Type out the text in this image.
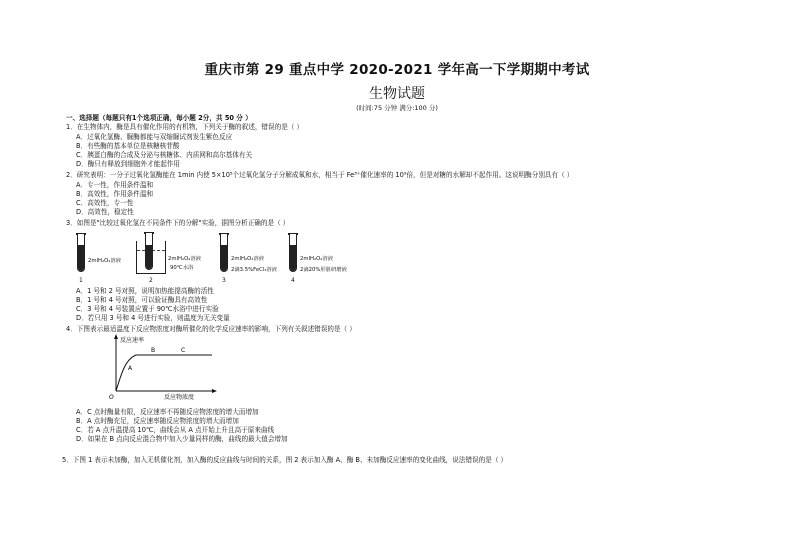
重庆市第 29 重点中学 2020-2021 学年高一下学期期中考试
生物试题
(时间:75 分钟 满分:100 分)
一、选择题（每题只有1个选项正确，每小题 2分，共 50 分 ）
1．在生物体内，酶是具有催化作用的有机物，下列关于酶的叙述，错误的是（ ）
A．过氧化氢酶、脲酶都能与双缩脲试剂发生紫色反应
B．有些酶的基本单位是核糖核苷酸
C．胰蛋白酶的合成及分泌与核糖体、内质网和高尔基体有关
D．酶只有释放到细胞外才能起作用
2．研究表明：一分子过氧化氢酶能在 1min 内使 5×10⁵个过氧化氢分子分解成氧和水，相当于 Fe³⁺催化速率的 10⁹倍，但是对糖的水解却不起作用。这说明酶分别具有（ ）
A．专一性，作用条件温和
B．高效性，作用条件温和
C．高效性，专一性
D．高效性，稳定性
3．如图是"比较过氧化氢在不同条件下的分解"实验，据图分析正确的是（ ）
2mlH₂O₂溶液
1
2mlH₂O₂溶液
90℃水浴
2
2mlH₂O₂溶液
2滴3.5%FeCl₃溶液
3
2mlH₂O₂溶液
2滴20%肝脏研磨液
4
A．1 号和 2 号对照，说明加热能提高酶的活性
B．1 号和 4 号对照，可以验证酶具有高效性
C．3 号和 4 号装置应置于 90℃水浴中进行实验
D．若只用 3 号和 4 号进行实验，则温度为无关变量
4．下图表示最适温度下反应物浓度对酶所催化的化学反应速率的影响，下列有关叙述错误的是（ ）
反应速率
反应物浓度
O
A
B	C
A．C 点时酶量有限，反应速率不再随反应物浓度的增大而增加
B．A 点时酶充足，反应速率随反应物浓度的增大而增加
C．若 A 点升温提高 10℃，曲线会从 A 点开始上升且高于原来曲线
D．如果在 B 点向反应混合物中加入少量同样的酶，曲线的最大值会增加
5．下图 1 表示未加酶，加入无机催化剂，加入酶的反应曲线与时间的关系，图 2 表示加入酶 A、酶 B、未加酶反应速率的变化曲线，说法错误的是（ ）
